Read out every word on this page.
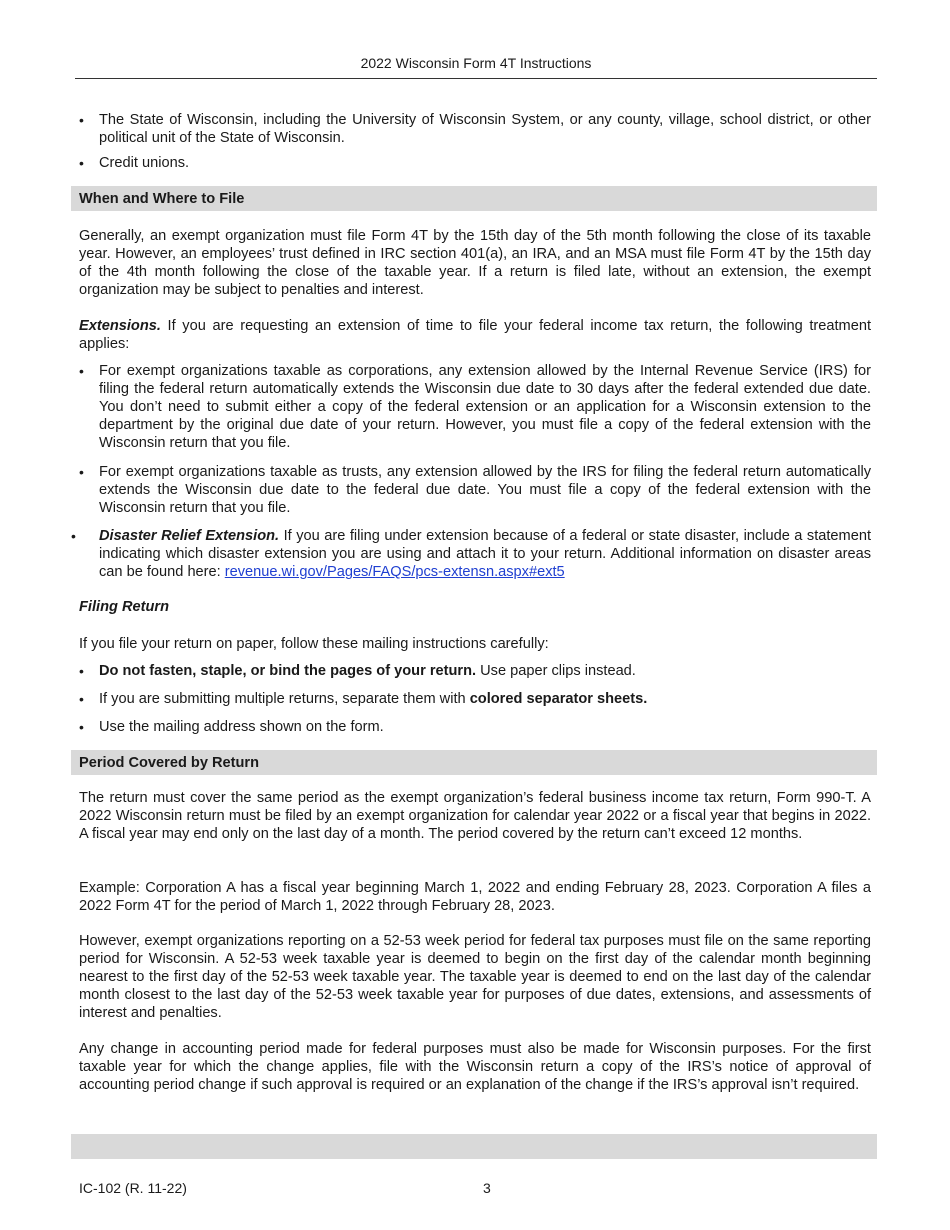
2022 Wisconsin Form 4T Instructions
• The State of Wisconsin, including the University of Wisconsin System, or any county, village, school district, or other political unit of the State of Wisconsin.
• Credit unions.
When and Where to File
Generally, an exempt organization must file Form 4T by the 15th day of the 5th month following the close of its taxable year. However, an employees’ trust defined in IRC section 401(a), an IRA, and an MSA must file Form 4T by the 15th day of the 4th month following the close of the taxable year. If a return is filed late, without an extension, the exempt organization may be subject to penalties and interest.
Extensions. If you are requesting an extension of time to file your federal income tax return, the following treatment applies:
• For exempt organizations taxable as corporations, any extension allowed by the Internal Revenue Service (IRS) for filing the federal return automatically extends the Wisconsin due date to 30 days after the federal extended due date. You don’t need to submit either a copy of the federal extension or an application for a Wisconsin extension to the department by the original due date of your return. However, you must file a copy of the federal extension with the Wisconsin return that you file.
• For exempt organizations taxable as trusts, any extension allowed by the IRS for filing the federal return automatically extends the Wisconsin due date to the federal due date. You must file a copy of the federal extension with the Wisconsin return that you file.
• Disaster Relief Extension. If you are filing under extension because of a federal or state disaster, include a statement indicating which disaster extension you are using and attach it to your return. Additional information on disaster areas can be found here: revenue.wi.gov/Pages/FAQS/pcs-extensn.aspx#ext5
Filing Return
If you file your return on paper, follow these mailing instructions carefully:
• Do not fasten, staple, or bind the pages of your return. Use paper clips instead.
• If you are submitting multiple returns, separate them with colored separator sheets.
• Use the mailing address shown on the form.
Period Covered by Return
The return must cover the same period as the exempt organization’s federal business income tax return, Form 990-T. A 2022 Wisconsin return must be filed by an exempt organization for calendar year 2022 or a fiscal year that begins in 2022. A fiscal year may end only on the last day of a month. The period covered by the return can’t exceed 12 months.
Example: Corporation A has a fiscal year beginning March 1, 2022 and ending February 28, 2023. Corporation A files a 2022 Form 4T for the period of March 1, 2022 through February 28, 2023.
However, exempt organizations reporting on a 52-53 week period for federal tax purposes must file on the same reporting period for Wisconsin. A 52-53 week taxable year is deemed to begin on the first day of the calendar month beginning nearest to the first day of the 52-53 week taxable year. The taxable year is deemed to end on the last day of the calendar month closest to the last day of the 52-53 week taxable year for purposes of due dates, extensions, and assessments of interest and penalties.
Any change in accounting period made for federal purposes must also be made for Wisconsin purposes. For the first taxable year for which the change applies, file with the Wisconsin return a copy of the IRS’s notice of approval of accounting period change if such approval is required or an explanation of the change if the IRS’s approval isn’t required.
IC-102 (R. 11-22)	3
